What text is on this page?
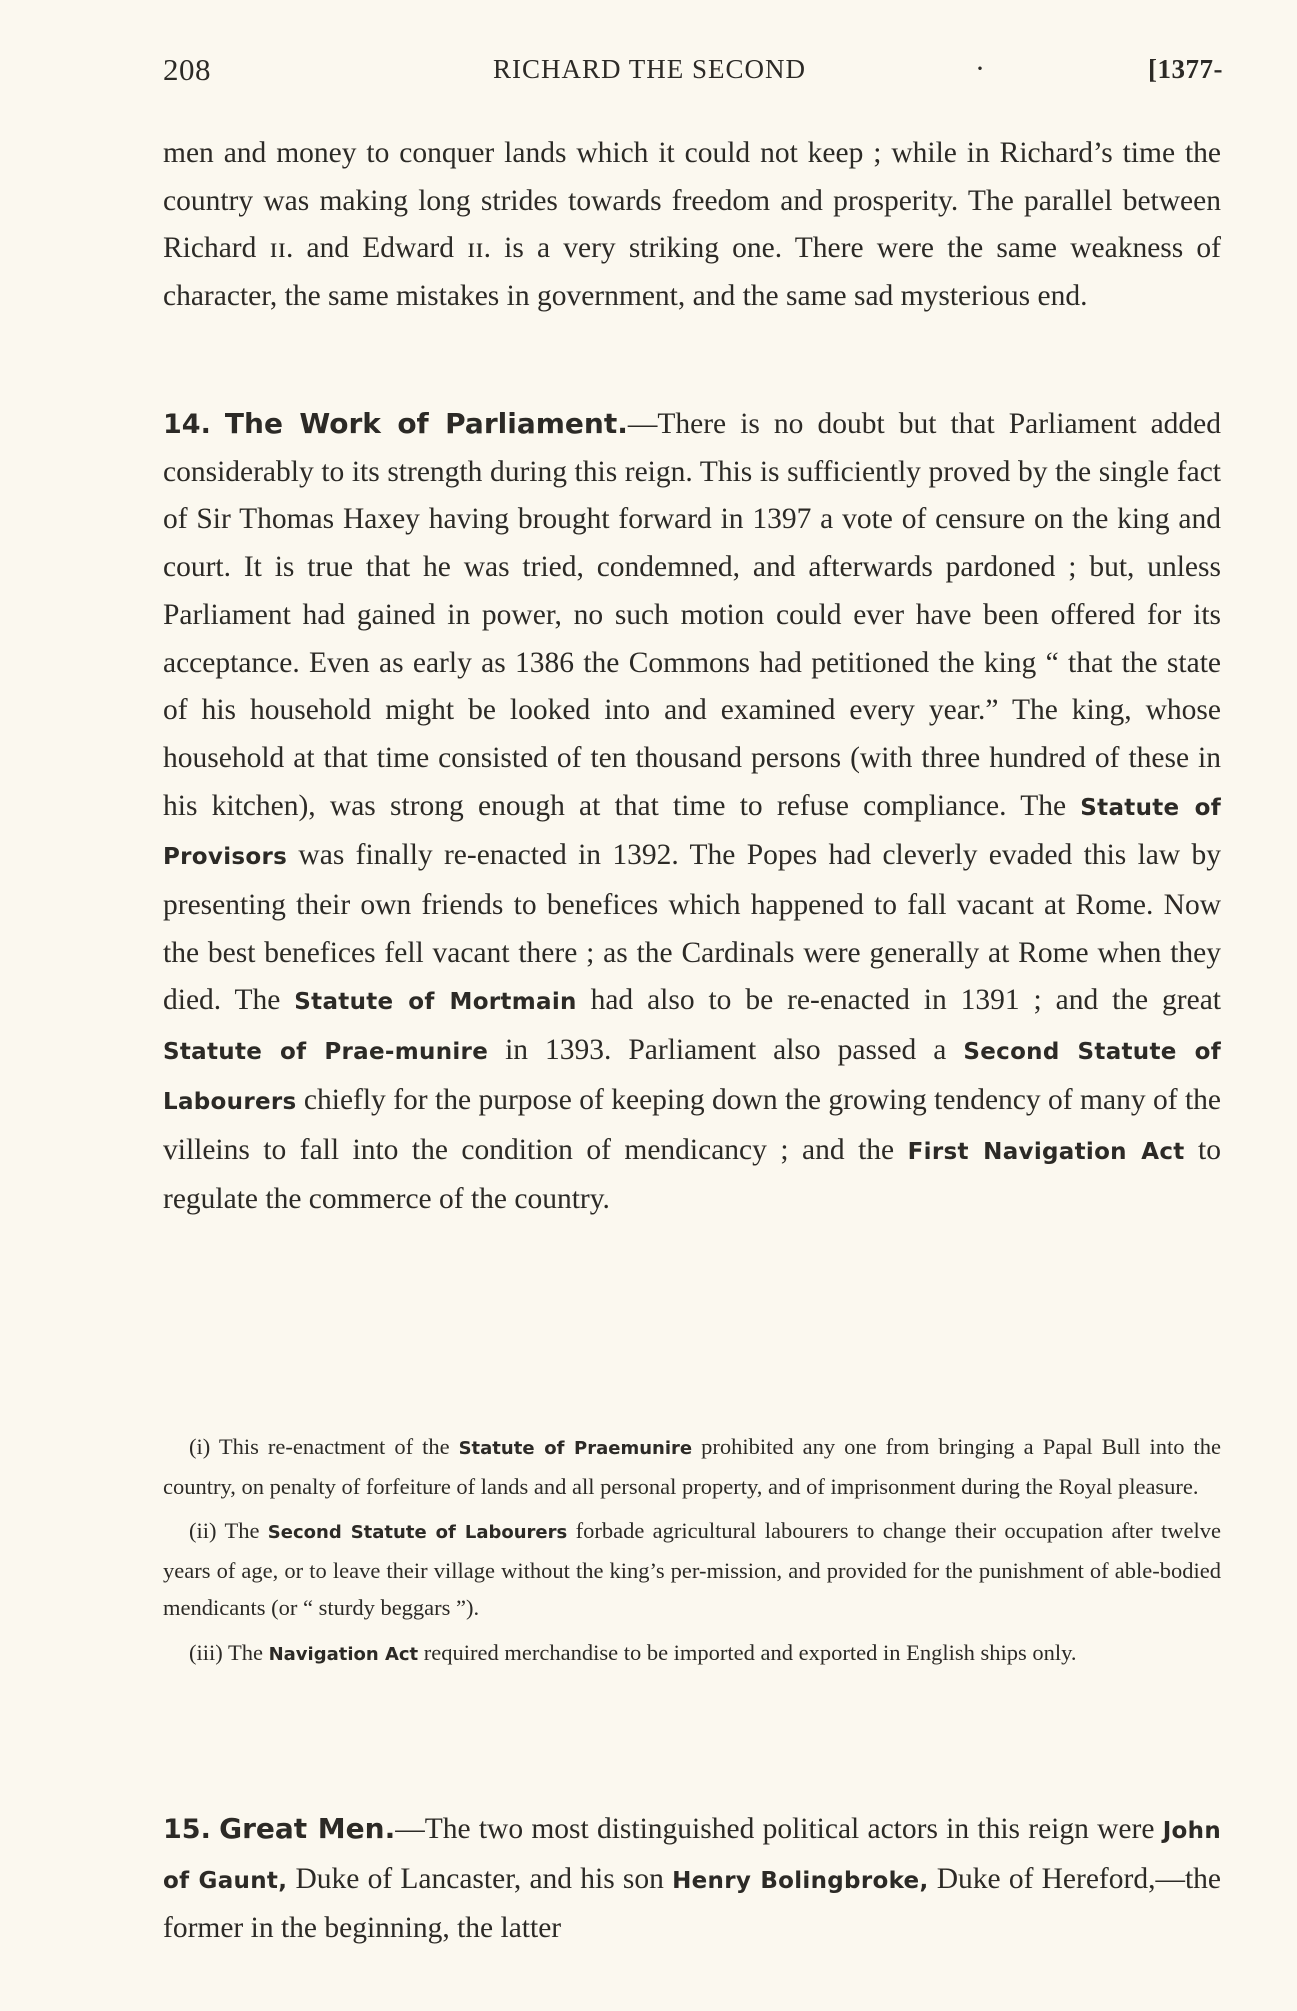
208	RICHARD THE SECOND	·	[1377-
men and money to conquer lands which it could not keep ; while in Richard’s time the country was making long strides towards freedom and prosperity. The parallel between Richard ɪɪ. and Edward ɪɪ. is a very striking one. There were the same weakness of character, the same mistakes in government, and the same sad mysterious end.
14. The Work of Parliament.—There is no doubt but that Parliament added considerably to its strength during this reign. This is sufficiently proved by the single fact of Sir Thomas Haxey having brought forward in 1397 a vote of censure on the king and court. It is true that he was tried, condemned, and afterwards pardoned ; but, unless Parliament had gained in power, no such motion could ever have been offered for its acceptance. Even as early as 1386 the Commons had petitioned the king “ that the state of his household might be looked into and examined every year.” The king, whose household at that time consisted of ten thousand persons (with three hundred of these in his kitchen), was strong enough at that time to refuse compliance. The Statute of Provisors was finally re-enacted in 1392. The Popes had cleverly evaded this law by presenting their own friends to benefices which happened to fall vacant at Rome. Now the best benefices fell vacant there ; as the Cardinals were generally at Rome when they died. The Statute of Mortmain had also to be re-enacted in 1391 ; and the great Statute of Prae-munire in 1393. Parliament also passed a Second Statute of Labourers chiefly for the purpose of keeping down the growing tendency of many of the villeins to fall into the condition of mendicancy ; and the First Navigation Act to regulate the commerce of the country.

(i) This re-enactment of the Statute of Praemunire prohibited any one from bringing a Papal Bull into the country, on penalty of forfeiture of lands and all personal property, and of imprisonment during the Royal pleasure.

(ii) The Second Statute of Labourers forbade agricultural labourers to change their occupation after twelve years of age, or to leave their village without the king’s per-mission, and provided for the punishment of able-bodied mendicants (or “ sturdy beggars ”).

(iii) The Navigation Act required merchandise to be imported and exported in English ships only.

15. Great Men.—The two most distinguished political actors in this reign were John of Gaunt, Duke of Lancaster, and his son Henry Bolingbroke, Duke of Hereford,—the former in the beginning, the latter
